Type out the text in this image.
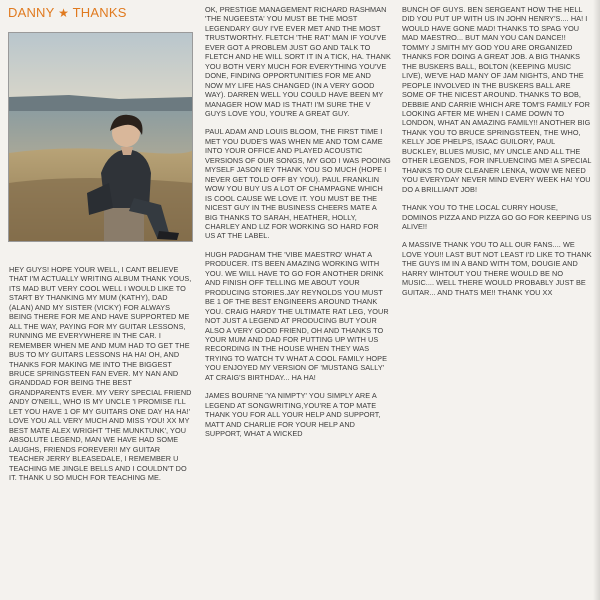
DANNY ★ THANKS

HEY GUYS! HOPE YOUR WELL, I CANT BELIEVE THAT I'M ACTUALLY WRITING ALBUM THANK YOUS, ITS MAD BUT VERY COOL WELL I WOULD LIKE TO START BY THANKING MY MUM (KATHY), DAD (ALAN) AND MY SISTER (VICKY) FOR ALWAYS BEING THERE FOR ME AND HAVE SUPPORTED ME ALL THE WAY, PAYING FOR MY GUITAR LESSONS, RUNNING ME EVERYWHERE IN THE CAR. I REMEMBER WHEN ME AND MUM HAD TO GET THE BUS TO MY GUITARS LESSONS HA HA! OH, AND THANKS FOR MAKING ME INTO THE BIGGEST BRUCE SPRINGSTEEN FAN EVER. MY NAN AND GRANDDAD FOR BEING THE BEST GRANDPARENTS EVER. MY VERY SPECIAL FRIEND ANDY O'NEILL, WHO IS MY UNCLE 'I PROMISE I'LL LET YOU HAVE 1 OF MY GUITARS ONE DAY HA HA!' LOVE YOU ALL VERY MUCH AND MISS YOU! XX MY BEST MATE ALEX WRIGHT 'THE MUNKTUNK', YOU ABSOLUTE LEGEND, MAN WE HAVE HAD SOME LAUGHS, FRIENDS FOREVER!! MY GUITAR TEACHER JERRY BLEASEDALE, I REMEMBER U TEACHING ME JINGLE BELLS AND I COULDN'T DO IT. THANK U SO MUCH FOR TEACHING ME.

OK, PRESTIGE MANAGEMENT RICHARD RASHMAN 'THE NUGEESTA' YOU MUST BE THE MOST LEGENDARY GUY I'VE EVER MET AND THE MOST TRUSTWORTHY. FLETCH 'THE RAT' MAN IF YOU'VE EVER GOT A PROBLEM JUST GO AND TALK TO FLETCH AND HE WILL SORT IT IN A TICK, HA. THANK YOU BOTH VERY MUCH FOR EVERYTHING YOU'VE DONE, FINDING OPPORTUNITIES FOR ME AND NOW MY LIFE HAS CHANGED (IN A VERY GOOD WAY). DARREN WELL YOU COULD HAVE BEEN MY MANAGER HOW MAD IS THAT! I'M SURE THE V GUYS LOVE YOU, YOU'RE A GREAT GUY.

PAUL ADAM AND LOUIS BLOOM, THE FIRST TIME I MET YOU DUDE'S WAS WHEN ME AND TOM CAME INTO YOUR OFFICE AND PLAYED ACOUSTIC VERSIONS OF OUR SONGS, MY GOD I WAS POOING MYSELF JASON IEY THANK YOU SO MUCH (HOPE I NEVER GET TOLD OFF BY YOU). PAUL FRANKLIN WOW YOU BUY US A LOT OF CHAMPAGNE WHICH IS COOL CAUSE WE LOVE IT. YOU MUST BE THE NICEST GUY IN THE BUSINESS CHEERS MATE A BIG THANKS TO SARAH, HEATHER, HOLLY, CHARLEY AND LIZ FOR WORKING SO HARD FOR US AT THE LABEL.

HUGH PADGHAM THE 'VIBE MAESTRO' WHAT A PRODUCER. ITS BEEN AMAZING WORKING WITH YOU. WE WILL HAVE TO GO FOR ANOTHER DRINK AND FINISH OFF TELLING ME ABOUT YOUR PRODUCING STORIES.JAY REYNOLDS YOU MUST BE 1 OF THE BEST ENGINEERS AROUND THANK YOU. CRAIG HARDY THE ULTIMATE RAT LEG, YOUR NOT JUST A LEGEND AT PRODUCING BUT YOUR ALSO A VERY GOOD FRIEND, OH AND THANKS TO YOUR MUM AND DAD FOR PUTTING UP WITH US RECORDING IN THE HOUSE WHEN THEY WAS TRYING TO WATCH TV WHAT A COOL FAMILY HOPE YOU ENJOYED MY VERSION OF 'MUSTANG SALLY' AT CRAIG'S BIRTHDAY... HA HA!

JAMES BOURNE 'YA NIMPTY' YOU SIMPLY ARE A LEGEND AT SONGWRITING,YOU'RE A TOP MATE THANK YOU FOR ALL YOUR HELP AND SUPPORT, MATT AND CHARLIE FOR YOUR HELP AND SUPPORT, WHAT A WICKED

BUNCH OF GUYS. BEN SERGEANT HOW THE HELL DID YOU PUT UP WITH US IN JOHN HENRY'S.... HA! I WOULD HAVE GONE MAD! THANKS TO SPAG YOU MAD MAESTRO... BUT MAN YOU CAN DANCE!! TOMMY J SMITH MY GOD YOU ARE ORGANIZED THANKS FOR DOING A GREAT JOB. A BIG THANKS THE BUSKERS BALL, BOLTON (KEEPING MUSIC LIVE), WE'VE HAD MANY OF JAM NIGHTS, AND THE PEOPLE INVOLVED IN THE BUSKERS BALL ARE SOME OF THE NICEST AROUND. THANKS TO BOB, DEBBIE AND CARRIE WHICH ARE TOM'S FAMILY FOR LOOKING AFTER ME WHEN I CAME DOWN TO LONDON, WHAT AN AMAZING FAMILY!! ANOTHER BIG THANK YOU TO BRUCE SPRINGSTEEN, THE WHO, KELLY JOE PHELPS, ISAAC GUILORY, PAUL BUCKLEY, BLUES MUSIC, MY UNCLE AND ALL THE OTHER LEGENDS, FOR INFLUENCING ME! A SPECIAL THANKS TO OUR CLEANER LENKA, WOW WE NEED YOU EVERYDAY NEVER MIND EVERY WEEK HA! YOU DO A BRILLIANT JOB!

THANK YOU TO THE LOCAL CURRY HOUSE, DOMINOS PIZZA AND PIZZA GO GO FOR KEEPING US ALIVE!!

A MASSIVE THANK YOU TO ALL OUR FANS.... WE LOVE YOU!! LAST BUT NOT LEAST I'D LIKE TO THANK THE GUYS IM IN A BAND WITH TOM, DOUGIE AND HARRY WIHTOUT YOU THERE WOULD BE NO MUSIC.... WELL THERE WOULD PROBABLY JUST BE GUITAR... AND THATS ME!! THANK YOU XX
